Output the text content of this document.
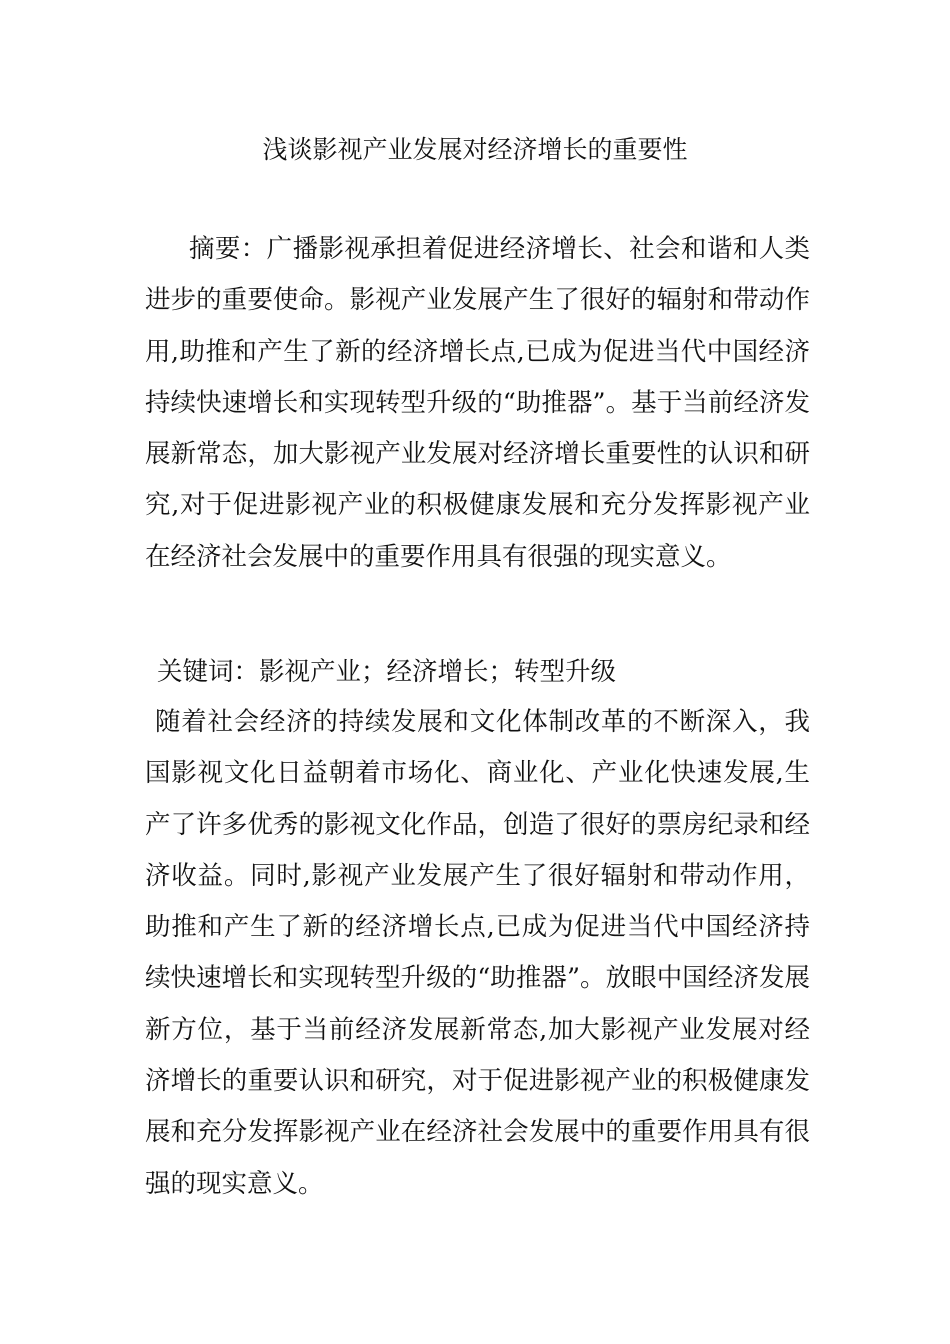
浅谈影视产业发展对经济增长的重要性

摘要：广播影视承担着促进经济增长、社会和谐和人类进步的重要使命。影视产业发展产生了很好的辐射和带动作用,助推和产生了新的经济增长点,已成为促进当代中国经济持续快速增长和实现转型升级的“助推器”。基于当前经济发展新常态，加大影视产业发展对经济增长重要性的认识和研究,对于促进影视产业的积极健康发展和充分发挥影视产业在经济社会发展中的重要作用具有很强的现实意义。

关键词：影视产业；经济增长；转型升级

随着社会经济的持续发展和文化体制改革的不断深入，我国影视文化日益朝着市场化、商业化、产业化快速发展,生产了许多优秀的影视文化作品，创造了很好的票房纪录和经济收益。同时,影视产业发展产生了很好辐射和带动作用，助推和产生了新的经济增长点,已成为促进当代中国经济持续快速增长和实现转型升级的“助推器”。放眼中国经济发展新方位，基于当前经济发展新常态,加大影视产业发展对经济增长的重要认识和研究，对于促进影视产业的积极健康发展和充分发挥影视产业在经济社会发展中的重要作用具有很强的现实意义。
